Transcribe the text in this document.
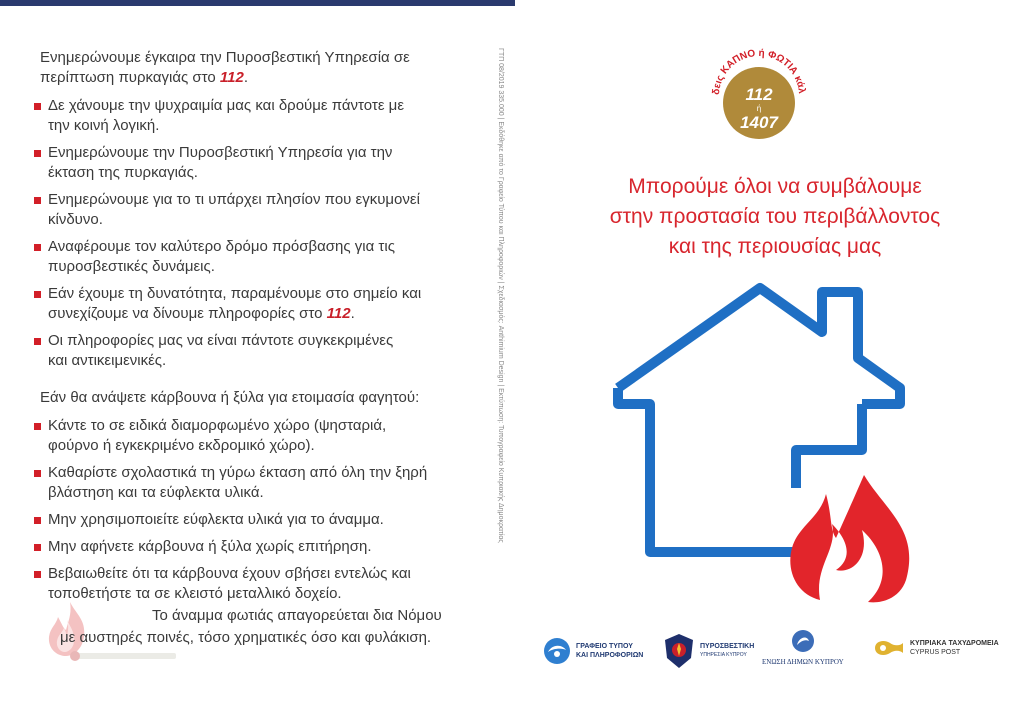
Ενημερώνουμε έγκαιρα την Πυροσβεστική Υπηρεσία σε
περίπτωση πυρκαγιάς στο 112.
Δε χάνουμε την ψυχραιμία μας και δρούμε πάντοτε με
την κοινή λογική.
Ενημερώνουμε την Πυροσβεστική Υπηρεσία για την
έκταση της πυρκαγιάς.
Ενημερώνουμε για το τι υπάρχει πλησίον που εγκυμονεί
κίνδυνο.
Αναφέρουμε τον καλύτερο δρόμο πρόσβασης για τις
πυροσβεστικές δυνάμεις.
Εάν έχουμε τη δυνατότητα, παραμένουμε στο σημείο και
συνεχίζουμε να δίνουμε πληροφορίες στο 112.
Οι πληροφορίες μας να είναι πάντοτε συγκεκριμένες
και αντικειμενικές.
Εάν θα ανάψετε κάρβουνα ή ξύλα για ετοιμασία φαγητού:
Κάντε το σε ειδικά διαμορφωμένο χώρο (ψησταριά,
φούρνο ή εγκεκριμένο εκδρομικό χώρο).
Καθαρίστε σχολαστικά τη γύρω έκταση από όλη την ξηρή
βλάστηση και τα εύφλεκτα υλικά.
Μην χρησιμοποιείτε εύφλεκτα υλικά για το άναμμα.
Μην αφήνετε κάρβουνα ή ξύλα χωρίς επιτήρηση.
Βεβαιωθείτε ότι τα κάρβουνα έχουν σβήσει εντελώς και
τοποθετήστε τα σε κλειστό μεταλλικό δοχείο.
Το άναμμα φωτιάς απαγορεύεται δια Νόμου
με αυστηρές ποινές, τόσο χρηματικές όσο και φυλάκιση.
ΓΤΠ 08/2019 335.000 | Εκδόθηκε από το Γραφείο Τύπου και Πληροφοριών | Σχεδιασμός: Anthimium Design | Εκτύπωση: Τυπογραφείο Κυπριακής Δημοκρατίας	δεις ΚΑΠΝΟ ή ΦΩΤΙΑ κάλ
112
ή
1407
Μπορούμε όλοι να συμβάλουμε
στην προστασία του περιβάλλοντος
και της περιουσίας μας
ΓΡΑΦΕΙΟ ΤΥΠΟΥ
ΚΑΙ ΠΛΗΡΟΦΟΡΙΩΝ
ΠΥΡΟΣΒΕΣΤΙΚΗ
ΥΠΗΡΕΣΙΑ ΚΥΠΡΟΥ
ΕΝΩΣΗ ΔΗΜΩΝ ΚΥΠΡΟΥ
ΚΥΠΡΙΑΚΑ ΤΑΧΥΔΡΟΜΕΙΑ
CYPRUS POST
